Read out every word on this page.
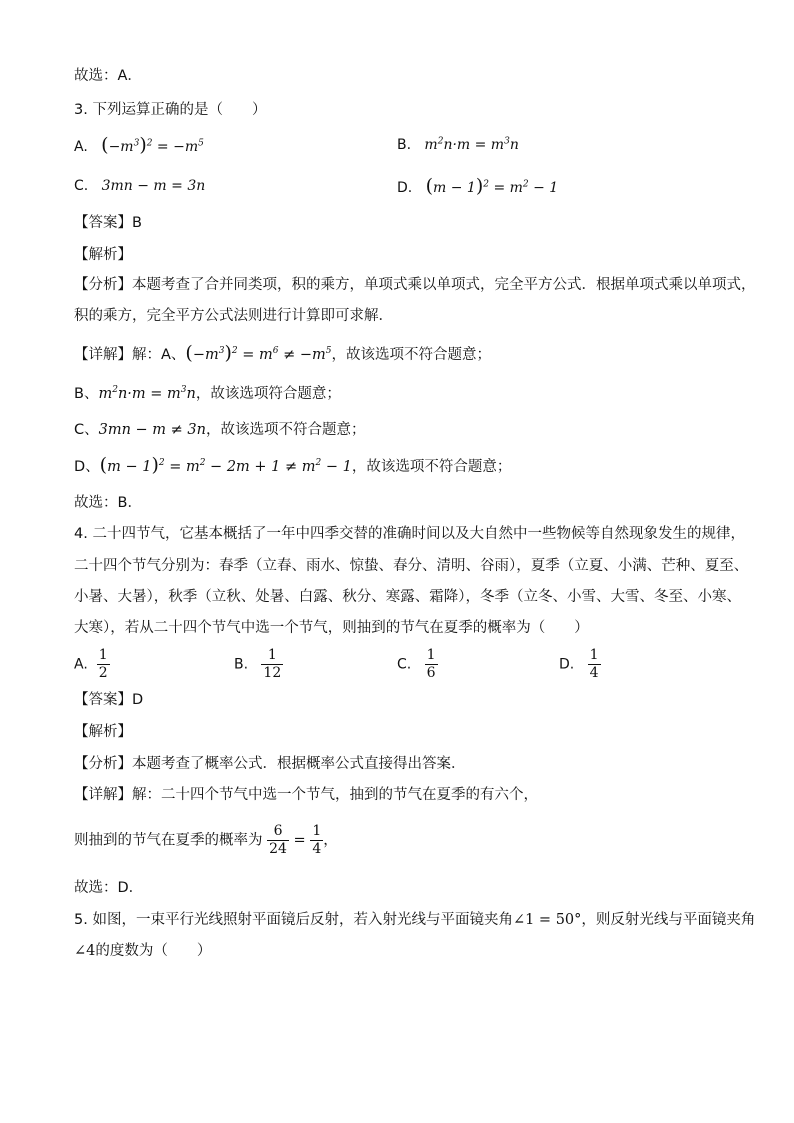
故选：A．
3. 下列运算正确的是（　　）
A. $(-m^3)^2 = -m^5$	B. $m^2n\cdot m = m^3n$
C. 3mn − m = 3n	D. $(m - 1)^2 = m^2 - 1$
【答案】B
【解析】
【分析】本题考查了合并同类项，积的乘方，单项式乘以单项式，完全平方公式．根据单项式乘以单项式，
积的乘方，完全平方公式法则进行计算即可求解．
【详解】解：A、$(-m^3)^2 = m^6 \ne -m^5$，故该选项不符合题意；
B、$m^2n\cdot m = m^3n$，故该选项符合题意；
C、3mn − m ≠ 3n，故该选项不符合题意；
D、$(m - 1)^2 = m^2 - 2m + 1 \ne m^2 - 1$，故该选项不符合题意；
故选：B．
4. 二十四节气，它基本概括了一年中四季交替的准确时间以及大自然中一些物候等自然现象发生的规律，
二十四个节气分别为：春季（立春、雨水、惊蛰、春分、清明、谷雨），夏季（立夏、小满、芒种、夏至、
小暑、大暑），秋季（立秋、处暑、白露、秋分、寒露、霜降），冬季（立冬、小雪、大雪、冬至、小寒、
大寒），若从二十四个节气中选一个节气，则抽到的节气在夏季的概率为（　　）
A. $\frac{1}{2}$	B. $\frac{1}{12}$	C. $\frac{1}{6}$	D. $\frac{1}{4}$
【答案】D
【解析】
【分析】本题考查了概率公式．根据概率公式直接得出答案．
【详解】解：二十四个节气中选一个节气，抽到的节气在夏季的有六个，
则抽到的节气在夏季的概率为 $\frac{6}{24} = \frac{1}{4}$ ，
故选：D．
5. 如图，一束平行光线照射平面镜后反射，若入射光线与平面镜夹角∠1 = 50°，则反射光线与平面镜夹角
∠4的度数为（　　）
